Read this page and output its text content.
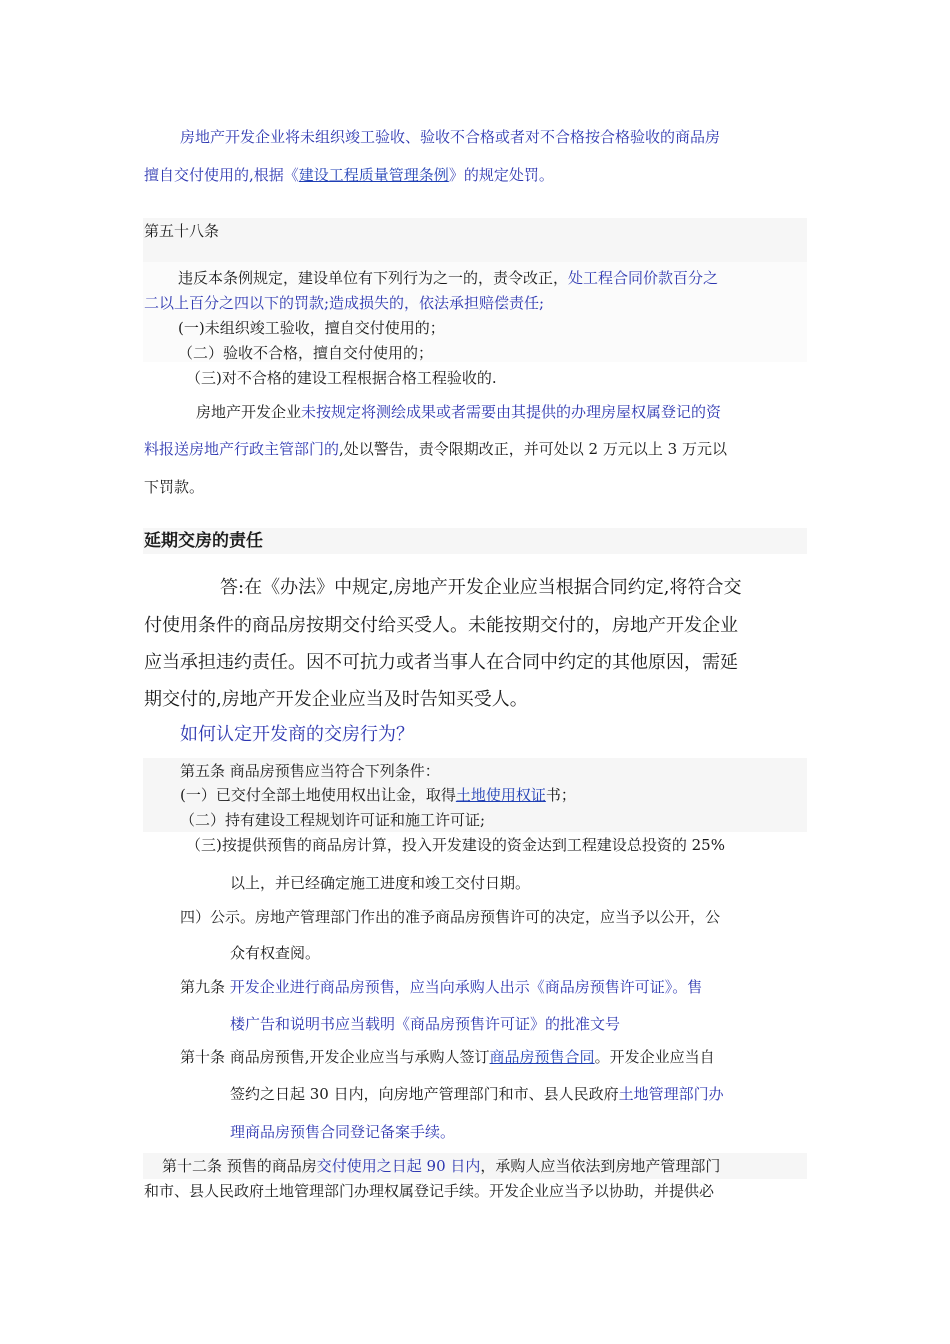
房地产开发企业将未组织竣工验收、验收不合格或者对不合格按合格验收的商品房
擅自交付使用的,根据《建设工程质量管理条例》的规定处罚。
第五十八条
违反本条例规定，建设单位有下列行为之一的，责令改正，处工程合同价款百分之
二以上百分之四以下的罚款;造成损失的，依法承担赔偿责任;
(一)未组织竣工验收，擅自交付使用的；
（二）验收不合格，擅自交付使用的；
（三)对不合格的建设工程根据合格工程验收的.
房地产开发企业未按规定将测绘成果或者需要由其提供的办理房屋权属登记的资
料报送房地产行政主管部门的,处以警告，责令限期改正，并可处以 2 万元以上 3 万元以
下罚款。
延期交房的责任
答:在《办法》中规定,房地产开发企业应当根据合同约定,将符合交
付使用条件的商品房按期交付给买受人。未能按期交付的，房地产开发企业
应当承担违约责任。因不可抗力或者当事人在合同中约定的其他原因，需延
期交付的,房地产开发企业应当及时告知买受人。
如何认定开发商的交房行为？
第五条 商品房预售应当符合下列条件：
(一）已交付全部土地使用权出让金，取得土地使用权证书；
（二）持有建设工程规划许可证和施工许可证;
（三)按提供预售的商品房计算，投入开发建设的资金达到工程建设总投资的 25%
以上，并已经确定施工进度和竣工交付日期。
四）公示。房地产管理部门作出的准予商品房预售许可的决定，应当予以公开，公
众有权查阅。
第九条 开发企业进行商品房预售，应当向承购人出示《商品房预售许可证》。售
楼广告和说明书应当载明《商品房预售许可证》的批准文号
第十条 商品房预售,开发企业应当与承购人签订商品房预售合同。开发企业应当自
签约之日起 30 日内，向房地产管理部门和市、县人民政府土地管理部门办
理商品房预售合同登记备案手续。
第十二条 预售的商品房交付使用之日起 90 日内，承购人应当依法到房地产管理部门
和市、县人民政府土地管理部门办理权属登记手续。开发企业应当予以协助，并提供必
